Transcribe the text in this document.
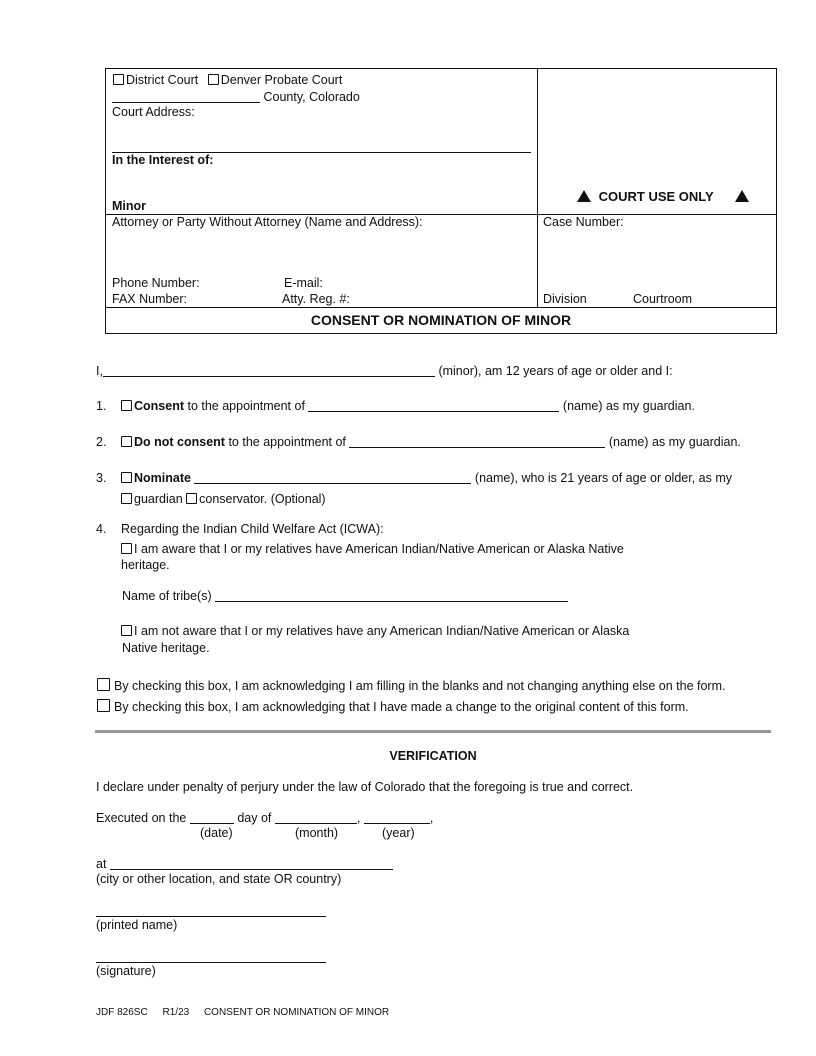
District Court Denver Probate Court
County, Colorado
Court Address:
In the Interest of:
Minor
COURT USE ONLY
Attorney or Party Without Attorney (Name and Address):
Phone Number:	E-mail:
FAX Number:	Atty. Reg. #:
Case Number:
Division	Courtroom
CONSENT OR NOMINATION OF MINOR
I,	(minor), am 12 years of age or older and I:
1.	Consent to the appointment of	(name) as my guardian.
2.	Do not consent to the appointment of	(name) as my guardian.
3.	Nominate	(name), who is 21 years of age or older, as my
guardian conservator. (Optional)
4. Regarding the Indian Child Welfare Act (ICWA):
I am aware that I or my relatives have American Indian/Native American or Alaska Native
heritage.
Name of tribe(s)
I am not aware that I or my relatives have any American Indian/Native American or Alaska
Native heritage.
By checking this box, I am acknowledging I am filling in the blanks and not changing anything else on the form.
By checking this box, I am acknowledging that I have made a change to the original content of this form.
VERIFICATION
I declare under penalty of perjury under the law of Colorado that the foregoing is true and correct.
Executed on the	day of	,	,
(date)	(month)	(year)
at
(city or other location, and state OR country)
(printed name)
(signature)
JDF 826SC R1/23 CONSENT OR NOMINATION OF MINOR
